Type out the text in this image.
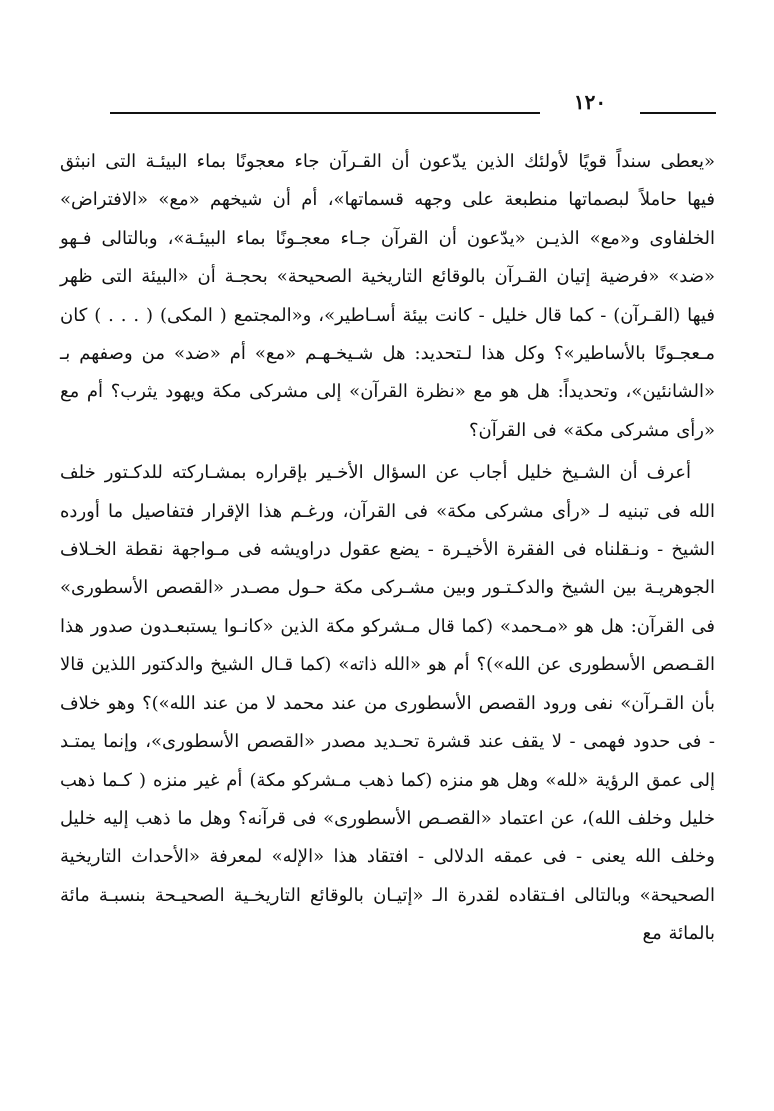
١٢٠

«يعطى سنداً قويًا لأولئك الذين يدّعون أن القـرآن جاء معجونًا بماء البيئـة التى انبثق فيها حاملاً لبصماتها منطبعة على وجهه قسماتها»، أم أن شيخهم «مع» «الافتراض» الخلفاوى و«مع» الذيـن «يدّعون أن القرآن جـاء معجـونًا بماء البيئـة»، وبالتالى فـهو «ضد» «فرضية إتيان القـرآن بالوقائع التاريخية الصحيحة» بحجـة أن «البيئة التى ظهر فيها (القـرآن) - كما قال خليل - كانت بيئة أسـاطير»، و«المجتمع ( المكى) ( . . . ) كان مـعجـونًا بالأساطير»؟ وكل هذا لـتحديد: هل شـيخـهـم «مع» أم «ضد» من وصفهم بـ «الشانئين»، وتحديداً: هل هو مع «نظرة القرآن» إلى مشركى مكة ويهود يثرب؟ أم مع «رأى مشركى مكة» فى القرآن؟

أعرف أن الشـيخ خليل أجاب عن السؤال الأخـير بإقراره بمشـاركته للدكـتور خلف الله فى تبنيه لـ «رأى مشركى مكة» فى القرآن، ورغـم هذا الإقرار فتفاصيل ما أورده الشيخ - ونـقلناه فى الفقرة الأخيـرة - يضع عقول دراويشه فى مـواجهة نقطة الخـلاف الجوهريـة بين الشيخ والدكـتـور وبين مشـركى مكة حـول مصـدر «القصص الأسطورى» فى القرآن: هل هو «مـحمد» (كما قال مـشركو مكة الذين «كانـوا يستبعـدون صدور هذا القـصص الأسطورى عن الله»)؟ أم هو «الله ذاته» (كما قـال الشيخ والدكتور اللذين قالا بأن القـرآن» نفى ورود القصص الأسطورى من عند محمد لا من عند الله»)؟ وهو خلاف - فى حدود فهمى - لا يقف عند قشرة تحـديد مصدر «القصص الأسطورى»، وإنما يمتـد إلى عمق الرؤية «لله» وهل هو منزه (كما ذهب مـشركو مكة) أم غير منزه ( كـما ذهب خليل وخلف الله)، عن اعتماد «القصـص الأسطورى» فى قرآنه؟ وهل ما ذهب إليه خليل وخلف الله يعنى - فى عمقه الدلالى - افتقاد هذا «الإله» لمعرفة «الأحداث التاريخية الصحيحة» وبالتالى افـتقاده لقدرة الـ «إتيـان بالوقائع التاريخـية الصحيـحة بنسبـة مائة بالمائة مع
